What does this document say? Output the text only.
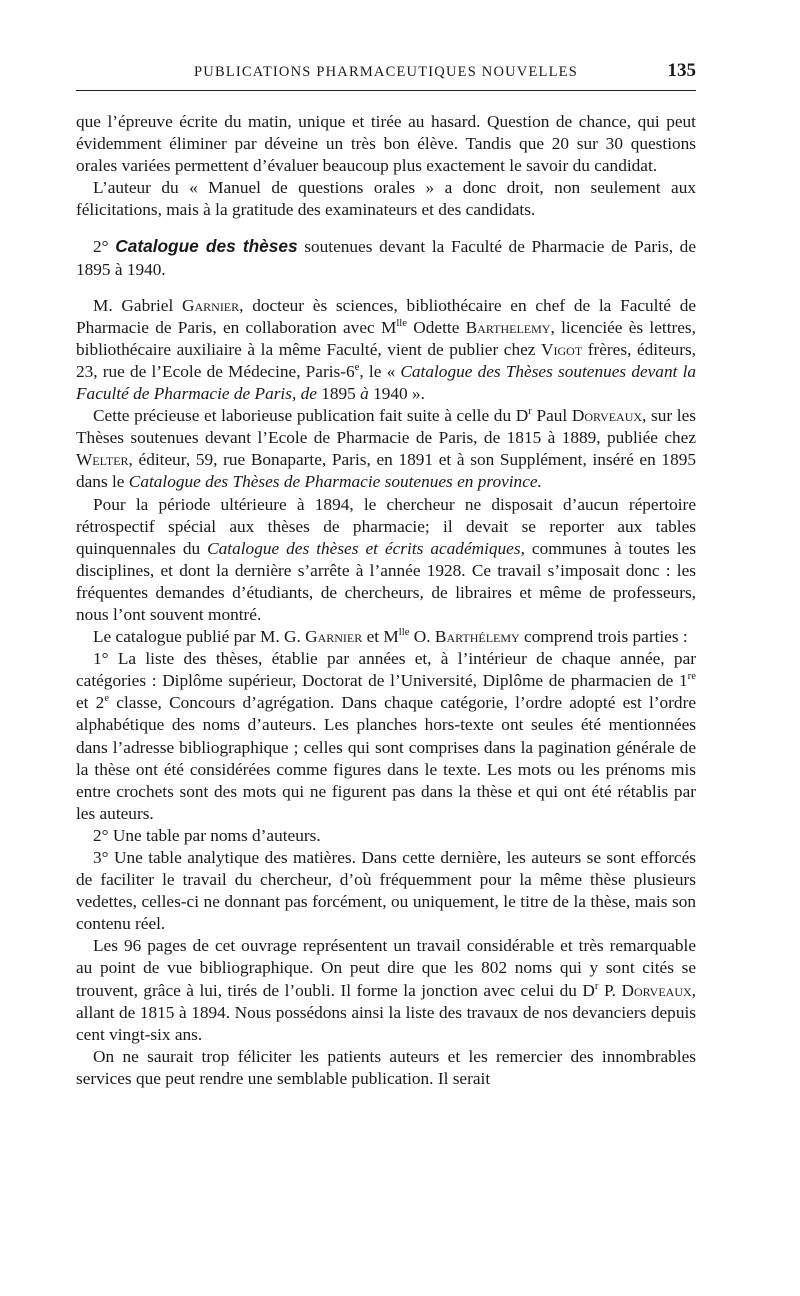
PUBLICATIONS PHARMACEUTIQUES NOUVELLES	135

que l’épreuve écrite du matin, unique et tirée au hasard. Question de chance, qui peut évidemment éliminer par déveine un très bon élève. Tandis que 20 sur 30 questions orales variées permettent d’évaluer beaucoup plus exactement le savoir du candidat.

L’auteur du « Manuel de questions orales » a donc droit, non seulement aux félicitations, mais à la gratitude des examinateurs et des candidats.

2° Catalogue des thèses soutenues devant la Faculté de Pharmacie de Paris, de 1895 à 1940.

M. Gabriel Garnier, docteur ès sciences, bibliothécaire en chef de la Faculté de Pharmacie de Paris, en collaboration avec $M^{lle}$ Odette Barthelemy, licenciée ès lettres, bibliothécaire auxiliaire à la même Faculté, vient de publier chez Vigot frères, éditeurs, 23, rue de l’Ecole de Médecine, Paris-6e, le « Catalogue des Thèses soutenues devant la Faculté de Pharmacie de Paris, de 1895 à 1940 ».

Cette précieuse et laborieuse publication fait suite à celle du $D^r$ Paul Dorveaux, sur les Thèses soutenues devant l’Ecole de Pharmacie de Paris, de 1815 à 1889, publiée chez Welter, éditeur, 59, rue Bonaparte, Paris, en 1891 et à son Supplément, inséré en 1895 dans le Catalogue des Thèses de Pharmacie soutenues en province.

Pour la période ultérieure à 1894, le chercheur ne disposait d’aucun répertoire rétrospectif spécial aux thèses de pharmacie; il devait se reporter aux tables quinquennales du Catalogue des thèses et écrits académiques, communes à toutes les disciplines, et dont la dernière s’arrête à l’année 1928. Ce travail s’imposait donc : les fréquentes demandes d’étudiants, de chercheurs, de libraires et même de professeurs, nous l’ont souvent montré.

Le catalogue publié par M. G. Garnier et $M^{lle}$ O. Barthélemy comprend trois parties :

1° La liste des thèses, établie par années et, à l’intérieur de chaque année, par catégories : Diplôme supérieur, Doctorat de l’Université, Diplôme de pharmacien de 1re et 2e classe, Concours d’agrégation. Dans chaque catégorie, l’ordre adopté est l’ordre alphabétique des noms d’auteurs. Les planches hors-texte ont seules été mentionnées dans l’adresse bibliographique ; celles qui sont comprises dans la pagination générale de la thèse ont été considérées comme figures dans le texte. Les mots ou les prénoms mis entre crochets sont des mots qui ne figurent pas dans la thèse et qui ont été rétablis par les auteurs.

2° Une table par noms d’auteurs.

3° Une table analytique des matières. Dans cette dernière, les auteurs se sont efforcés de faciliter le travail du chercheur, d’où fréquemment pour la même thèse plusieurs vedettes, celles-ci ne donnant pas forcément, ou uniquement, le titre de la thèse, mais son contenu réel.

Les 96 pages de cet ouvrage représentent un travail considérable et très remarquable au point de vue bibliographique. On peut dire que les 802 noms qui y sont cités se trouvent, grâce à lui, tirés de l’oubli. Il forme la jonction avec celui du $D^r$ P. Dorveaux, allant de 1815 à 1894. Nous possédons ainsi la liste des travaux de nos devanciers depuis cent vingt-six ans.

On ne saurait trop féliciter les patients auteurs et les remercier des innombrables services que peut rendre une semblable publication. Il serait
